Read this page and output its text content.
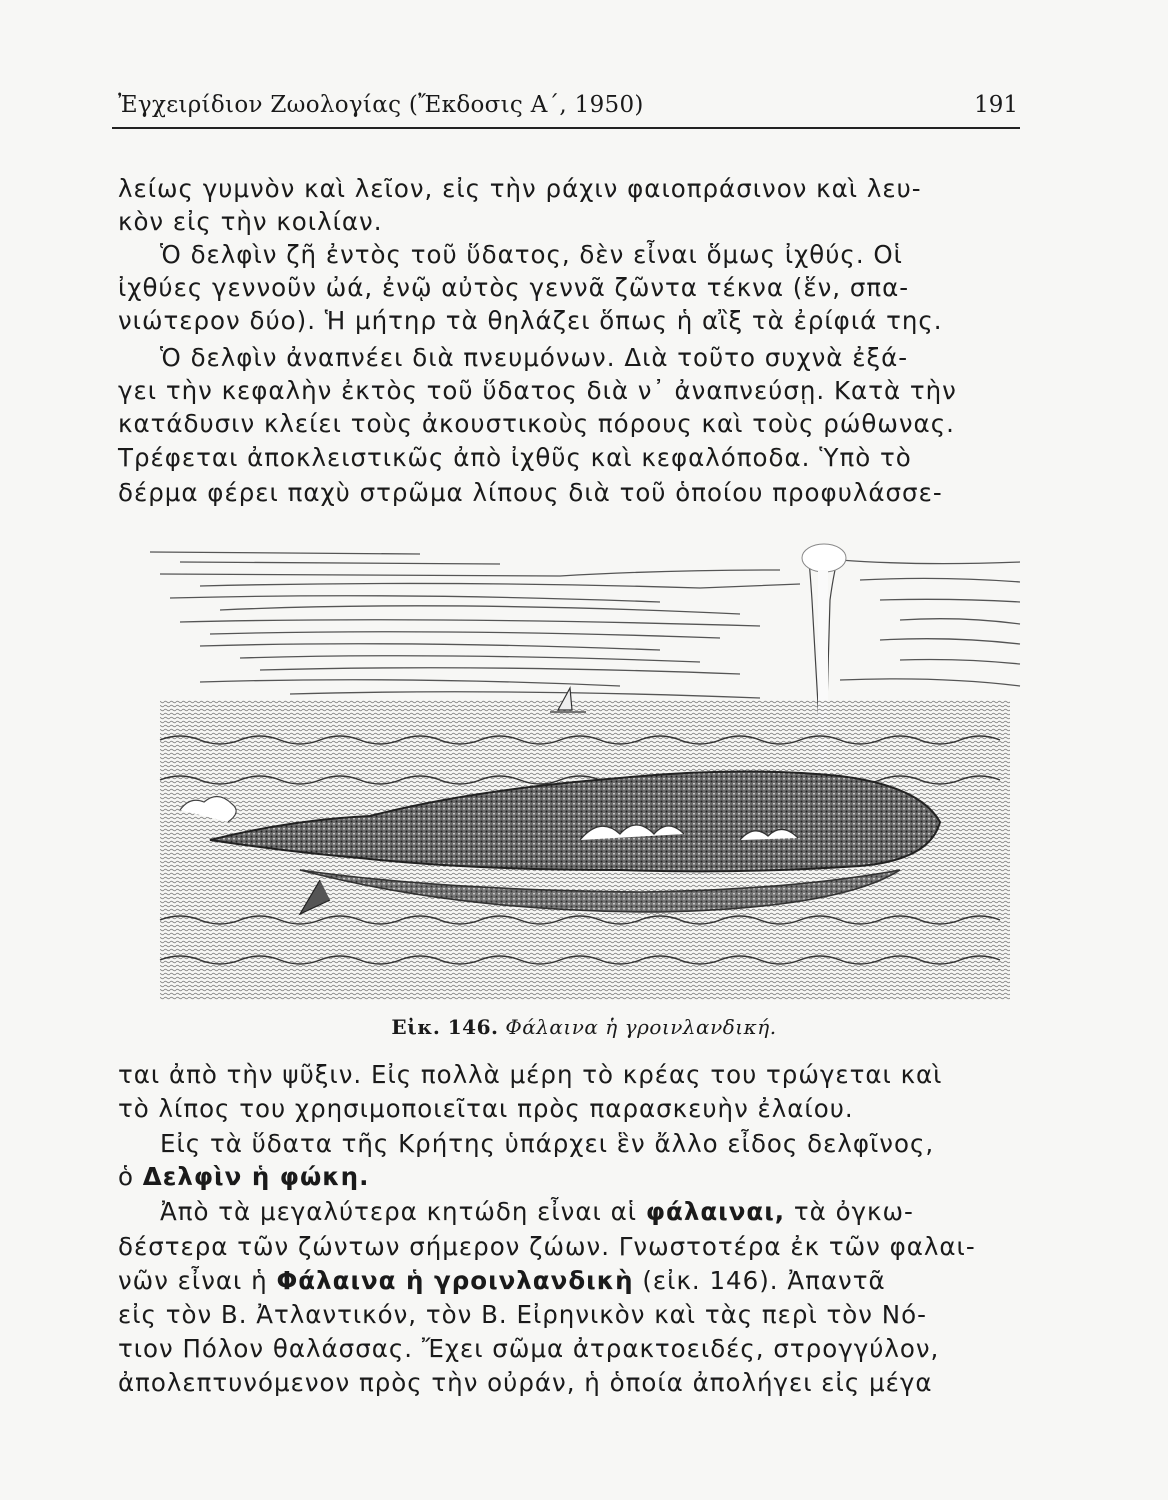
Ἐγχειρίδιον Ζωολογίας (Ἔκδοσις Α΄, 1950)	191
λείως γυμνὸν καὶ λεῖον, εἰς τὴν ράχιν φαιοπράσινον καὶ λευ-
κὸν εἰς τὴν κοιλίαν.
Ὁ δελφὶν ζῆ ἐντὸς τοῦ ὕδατος, δὲν εἶναι ὅμως ἰχθύς. Οἱ
ἰχθύες γεννοῦν ὠά, ἐνῷ αὐτὸς γεννᾶ ζῶντα τέκνα (ἕν, σπα-
νιώτερον δύο). Ἡ μήτηρ τὰ θηλάζει ὅπως ἡ αἲξ τὰ ἐρίφιά της.
Ὁ δελφὶν ἀναπνέει διὰ πνευμόνων. Διὰ τοῦτο συχνὰ ἐξά-
γει τὴν κεφαλὴν ἐκτὸς τοῦ ὕδατος διὰ ν᾽ ἀναπνεύσῃ. Κατὰ τὴν
κατάδυσιν κλείει τοὺς ἀκουστικοὺς πόρους καὶ τοὺς ρώθωνας.
Τρέφεται ἀποκλειστικῶς ἀπὸ ἰχθῦς καὶ κεφαλόποδα. Ὑπὸ τὸ
δέρμα φέρει παχὺ στρῶμα λίπους διὰ τοῦ ὁποίου προφυλάσσε-
Εἰκ. 146. Φάλαινα ἡ γροινλανδική.
ται ἀπὸ τὴν ψῦξιν. Εἰς πολλὰ μέρη τὸ κρέας του τρώγεται καὶ
τὸ λίπος του χρησιμοποιεῖται πρὸς παρασκευὴν ἐλαίου.
Εἰς τὰ ὕδατα τῆς Κρήτης ὑπάρχει ἓν ἄλλο εἶδος δελφῖνος,
ὁ Δελφὶν ἡ φώκη.
Ἀπὸ τὰ μεγαλύτερα κητώδη εἶναι αἱ φάλαιναι, τὰ ὀγκω-
δέστερα τῶν ζώντων σήμερον ζώων. Γνωστοτέρα ἐκ τῶν φαλαι-
νῶν εἶναι ἡ Φάλαινα ἡ γροινλανδικὴ (εἰκ. 146). Ἀπαντᾶ
εἰς τὸν Β. Ἀτλαντικόν, τὸν Β. Εἰρηνικὸν καὶ τὰς περὶ τὸν Νό-
τιον Πόλον θαλάσσας. Ἔχει σῶμα ἀτρακτοειδές, στρογγύλον,
ἀπολεπτυνόμενον πρὸς τὴν οὐράν, ἡ ὁποία ἀπολήγει εἰς μέγα
